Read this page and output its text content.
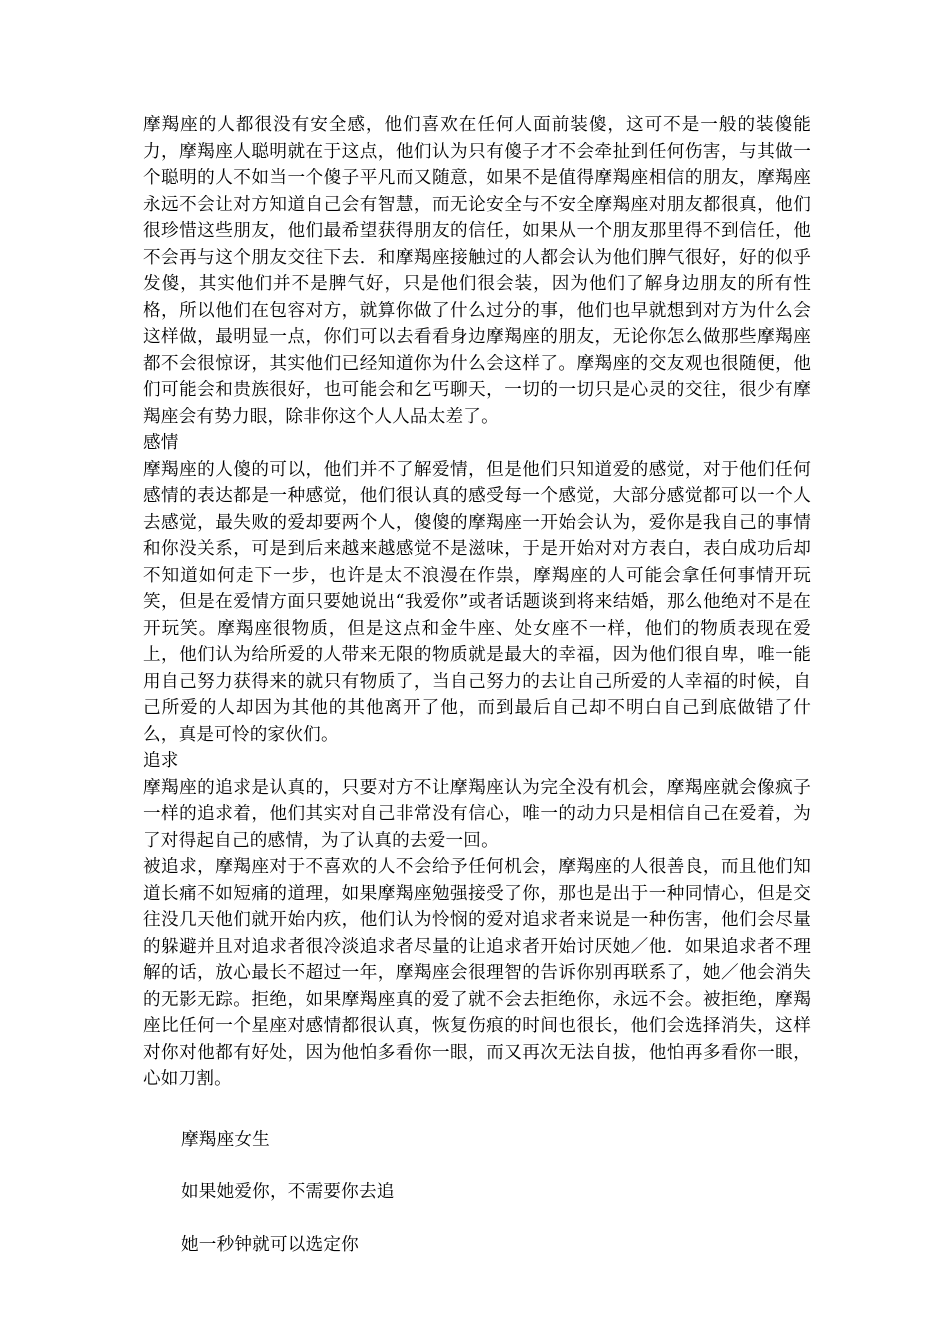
摩羯座的人都很没有安全感，他们喜欢在任何人面前装傻，这可不是一般的装傻能力，摩羯座人聪明就在于这点，他们认为只有傻子才不会牵扯到任何伤害，与其做一个聪明的人不如当一个傻子平凡而又随意，如果不是值得摩羯座相信的朋友，摩羯座永远不会让对方知道自己会有智慧，而无论安全与不安全摩羯座对朋友都很真，他们很珍惜这些朋友，他们最希望获得朋友的信任，如果从一个朋友那里得不到信任，他不会再与这个朋友交往下去．和摩羯座接触过的人都会认为他们脾气很好，好的似乎发傻，其实他们并不是脾气好，只是他们很会装，因为他们了解身边朋友的所有性格，所以他们在包容对方，就算你做了什么过分的事，他们也早就想到对方为什么会这样做，最明显一点，你们可以去看看身边摩羯座的朋友，无论你怎么做那些摩羯座都不会很惊讶，其实他们已经知道你为什么会这样了。摩羯座的交友观也很随便，他们可能会和贵族很好，也可能会和乞丐聊天，一切的一切只是心灵的交往，很少有摩羯座会有势力眼，除非你这个人人品太差了。

感情

摩羯座的人傻的可以，他们并不了解爱情，但是他们只知道爱的感觉，对于他们任何感情的表达都是一种感觉，他们很认真的感受每一个感觉，大部分感觉都可以一个人去感觉，最失败的爱却要两个人，傻傻的摩羯座一开始会认为，爱你是我自己的事情和你没关系，可是到后来越来越感觉不是滋味，于是开始对对方表白，表白成功后却不知道如何走下一步，也许是太不浪漫在作祟，摩羯座的人可能会拿任何事情开玩笑，但是在爱情方面只要她说出“我爱你”或者话题谈到将来结婚，那么他绝对不是在开玩笑。摩羯座很物质，但是这点和金牛座、处女座不一样，他们的物质表现在爱上，他们认为给所爱的人带来无限的物质就是最大的幸福，因为他们很自卑，唯一能用自己努力获得来的就只有物质了，当自己努力的去让自己所爱的人幸福的时候，自己所爱的人却因为其他的其他离开了他，而到最后自己却不明白自己到底做错了什么，真是可怜的家伙们。

追求

摩羯座的追求是认真的，只要对方不让摩羯座认为完全没有机会，摩羯座就会像疯子一样的追求着，他们其实对自己非常没有信心，唯一的动力只是相信自己在爱着，为了对得起自己的感情，为了认真的去爱一回。

被追求，摩羯座对于不喜欢的人不会给予任何机会，摩羯座的人很善良，而且他们知道长痛不如短痛的道理，如果摩羯座勉强接受了你，那也是出于一种同情心，但是交往没几天他们就开始内疚，他们认为怜悯的爱对追求者来说是一种伤害，他们会尽量的躲避并且对追求者很冷淡追求者尽量的让追求者开始讨厌她／他．如果追求者不理解的话，放心最长不超过一年，摩羯座会很理智的告诉你别再联系了，她／他会消失的无影无踪。拒绝，如果摩羯座真的爱了就不会去拒绝你，永远不会。被拒绝，摩羯座比任何一个星座对感情都很认真，恢复伤痕的时间也很长，他们会选择消失，这样对你对他都有好处，因为他怕多看你一眼，而又再次无法自拔，他怕再多看你一眼，心如刀割。

摩羯座女生

如果她爱你，不需要你去追

她一秒钟就可以选定你
